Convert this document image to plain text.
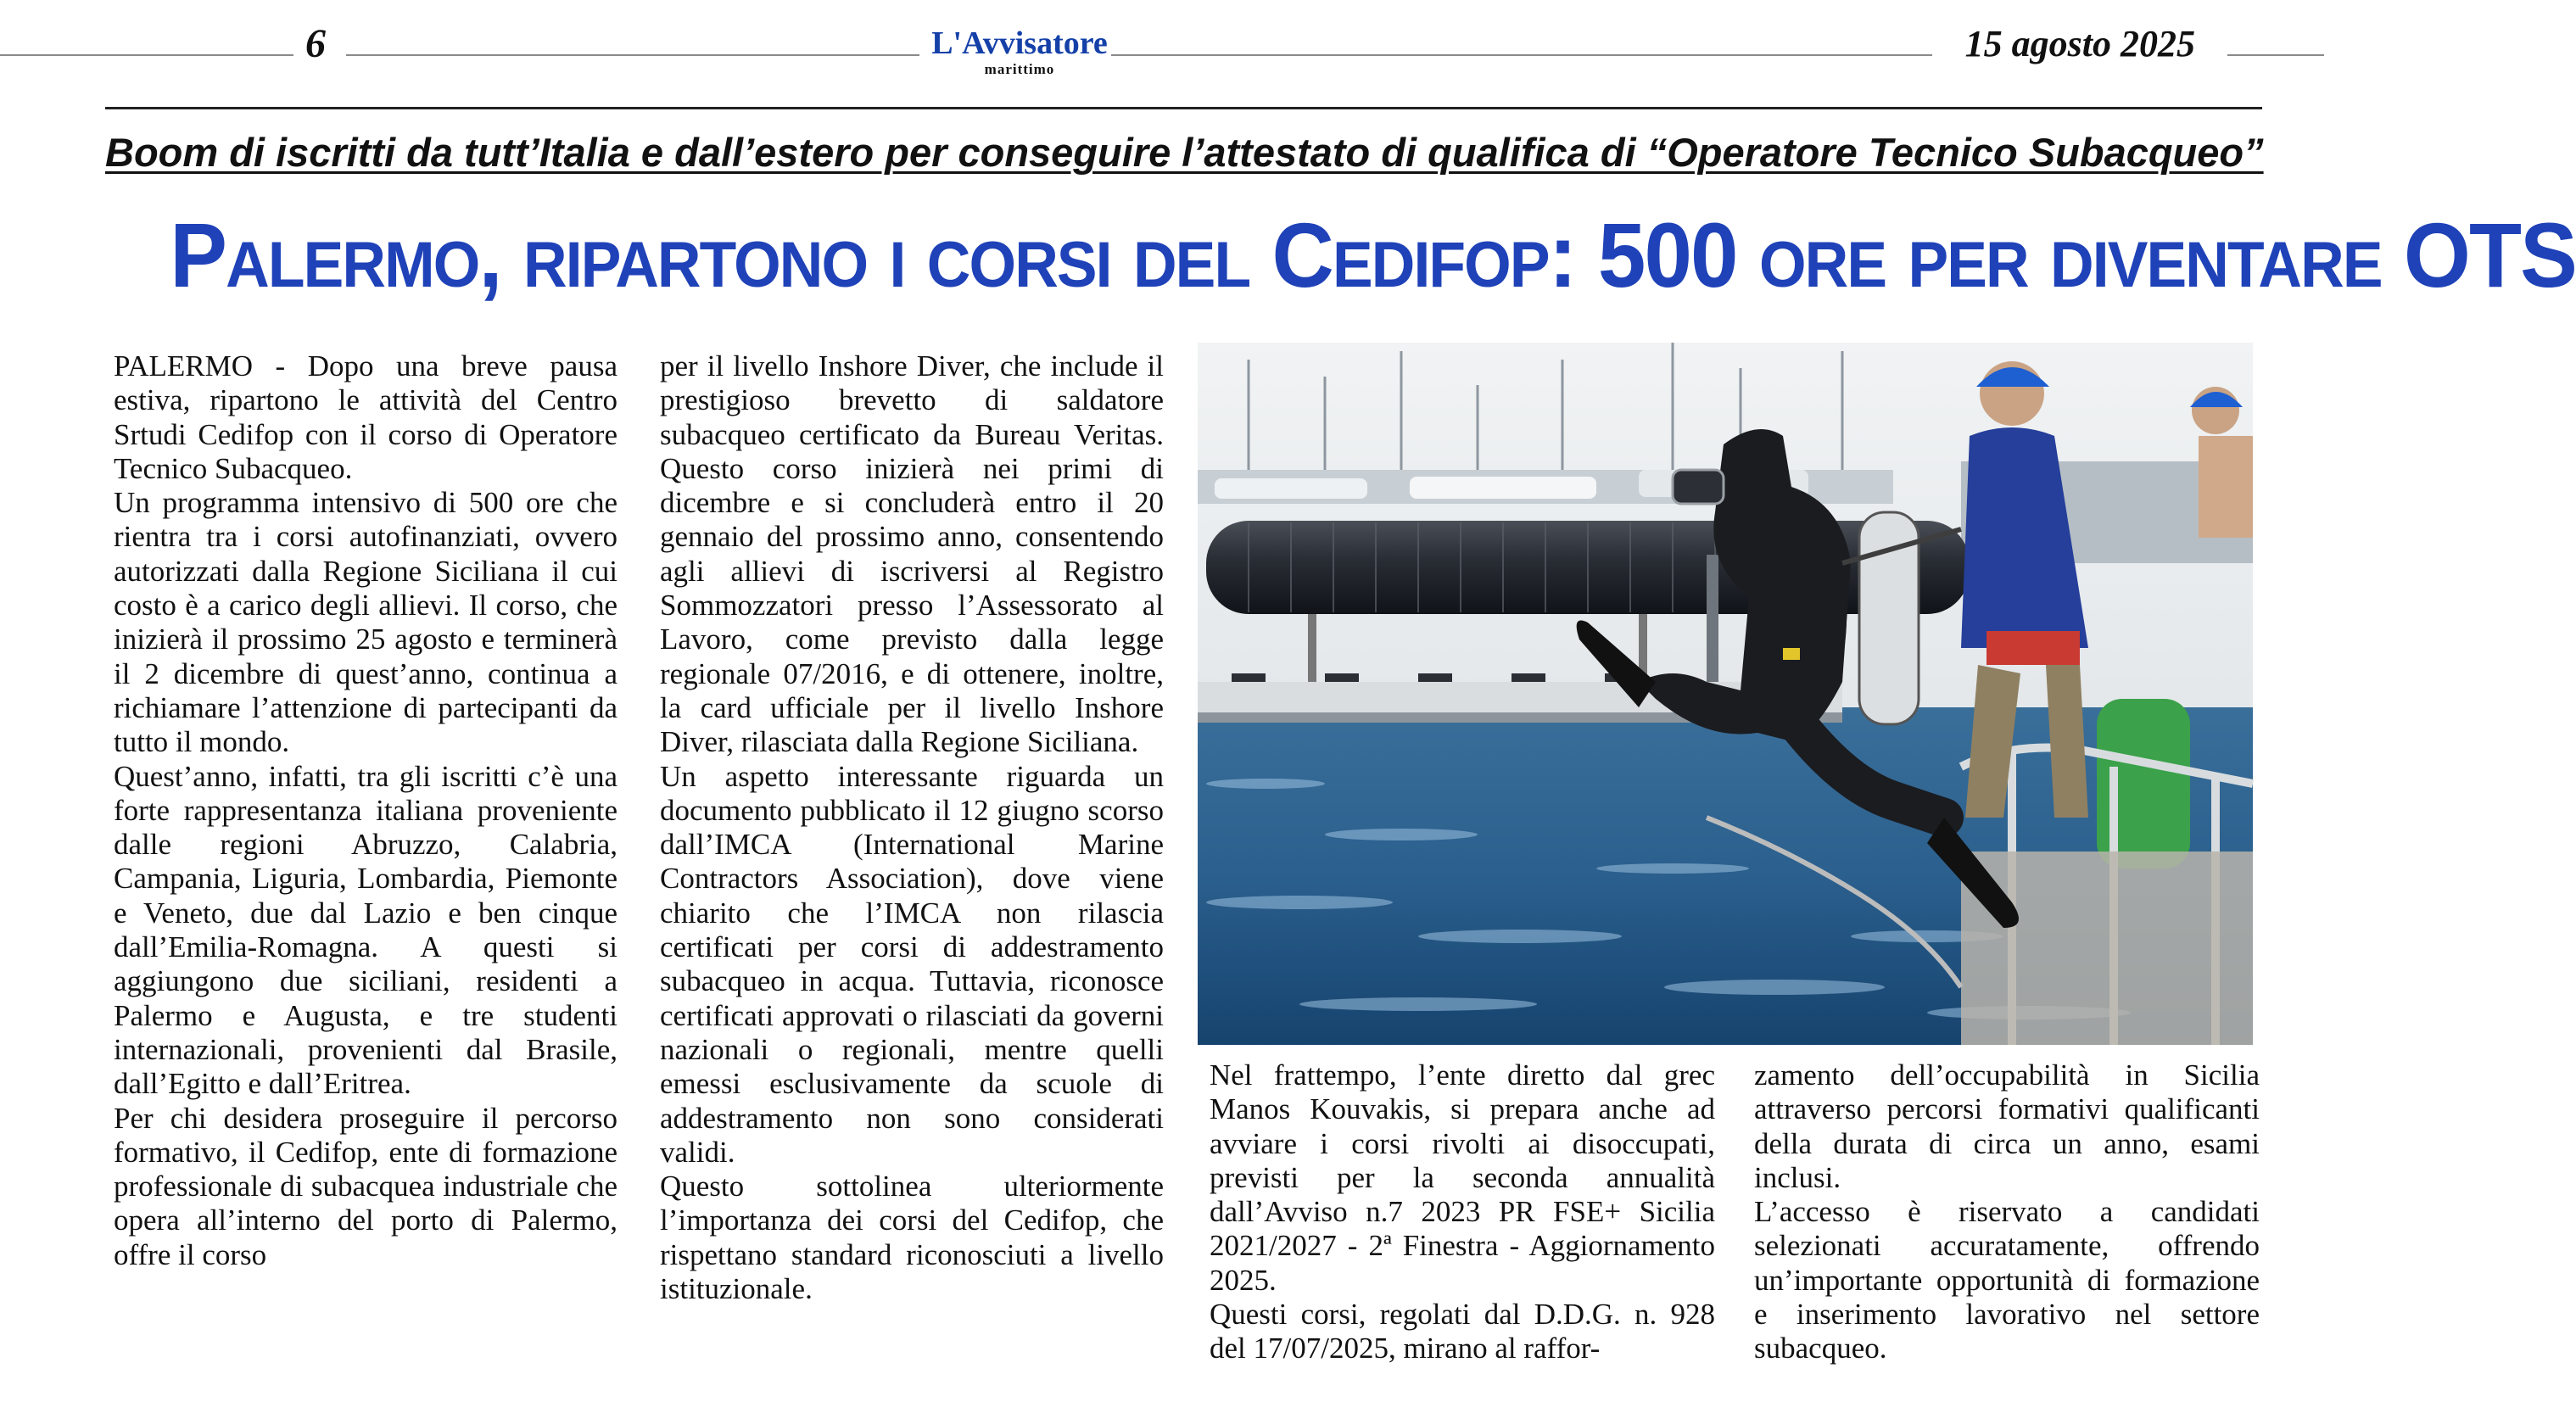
6	L'Avvisatore
marittimo
15 agosto 2025
Boom di iscritti da tutt’Italia e dall’estero per conseguire l’attestato di qualifica di “Operatore Tecnico Subacqueo”
Palermo, ripartono i corsi del Cedifop: 500 ore per diventare OTS

PALERMO - Dopo una breve pausa estiva, ripartono le attività del Centro Srtudi Cedifop con il corso di Operatore Tecnico Subacqueo.

Un programma intensivo di 500 ore che rientra tra i corsi autofinanziati, ovvero autorizzati dalla Regione Siciliana il cui costo è a carico degli allievi. Il corso, che inizierà il prossimo 25 agosto e terminerà il 2 dicembre di quest’anno, continua a richiamare l’attenzione di partecipanti da tutto il mondo.

Quest’anno, infatti, tra gli iscritti c’è una forte rappresentanza italiana proveniente dalle regioni Abruzzo, Calabria, Campania, Liguria, Lombardia, Piemonte e Veneto, due dal Lazio e ben cinque dall’Emilia-Romagna. A questi si aggiungono due siciliani, residenti a Palermo e Augusta, e tre studenti internazionali, provenienti dal Brasile, dall’Egitto e dall’Eritrea.

Per chi desidera proseguire il percorso formativo, il Cedifop, ente di formazione professionale di subacquea industriale che opera all’interno del porto di Palermo, offre il corso

per il livello Inshore Diver, che include il prestigioso brevetto di saldatore subacqueo certificato da Bureau Veritas. Questo corso inizierà nei primi di dicembre e si concluderà entro il 20 gennaio del prossimo anno, consentendo agli allievi di iscriversi al Registro Sommozzatori presso l’Assessorato al Lavoro, come previsto dalla legge regionale 07/2016, e di ottenere, inoltre, la card ufficiale per il livello Inshore Diver, rilasciata dalla Regione Siciliana.

Un aspetto interessante riguarda un documento pubblicato il 12 giugno scorso dall’IMCA (International Marine Contractors Association), dove viene chiarito che l’IMCA non rilascia certificati per corsi di addestramento subacqueo in acqua. Tuttavia, riconosce certificati approvati o rilasciati da governi nazionali o regionali, mentre quelli emessi esclusivamente da scuole di addestramento non sono considerati validi.

Questo sottolinea ulteriormente l’importanza dei corsi del Cedifop, che rispettano standard riconosciuti a livello istituzionale.

Nel frattempo, l’ente diretto dal grec Manos Kouvakis, si prepara anche ad avviare i corsi rivolti ai disoccupati, previsti per la seconda annualità dall’Avviso n.7 2023 PR FSE+ Sicilia 2021/2027 - 2ª Finestra - Aggiornamento 2025.

Questi corsi, regolati dal D.D.G. n. 928 del 17/07/2025, mirano al raffor-

zamento dell’occupabilità in Sicilia attraverso percorsi formativi qualificanti della durata di circa un anno, esami inclusi.

L’accesso è riservato a candidati selezionati accuratamente, offrendo un’importante opportunità di formazione e inserimento lavorativo nel settore subacqueo.
